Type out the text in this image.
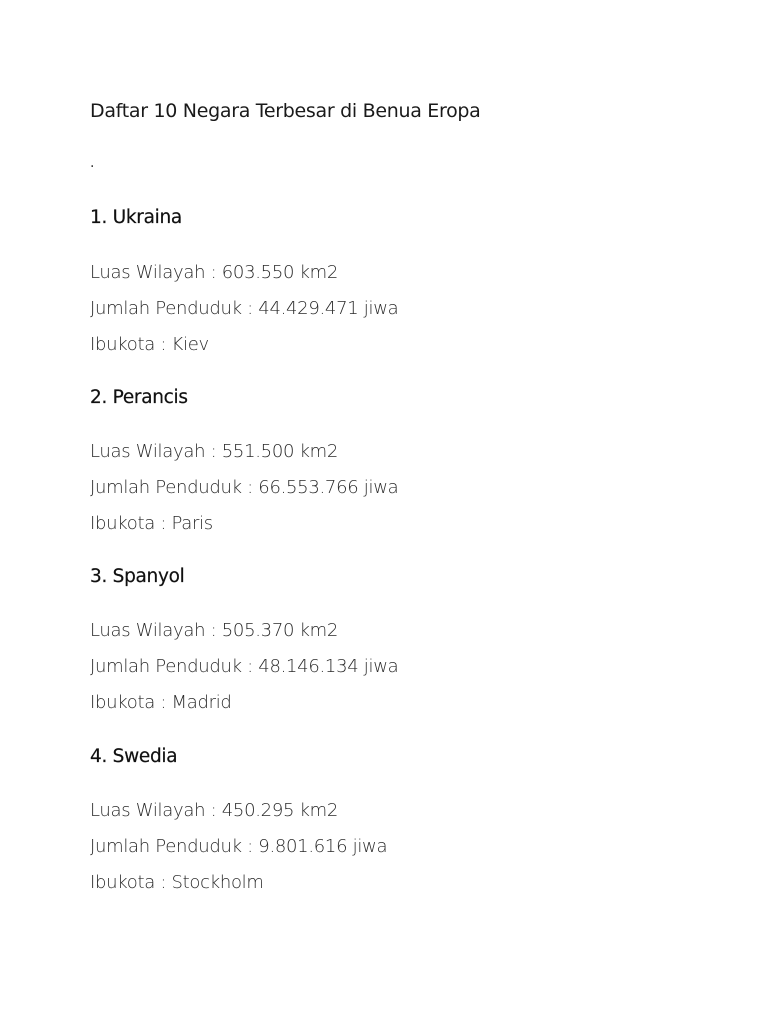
Daftar 10 Negara Terbesar di Benua Eropa
.
1. Ukraina
Luas Wilayah : 603.550 km2
Jumlah Penduduk : 44.429.471 jiwa
Ibukota : Kiev
2. Perancis
Luas Wilayah : 551.500 km2
Jumlah Penduduk : 66.553.766 jiwa
Ibukota : Paris
3. Spanyol
Luas Wilayah : 505.370 km2
Jumlah Penduduk : 48.146.134 jiwa
Ibukota : Madrid
4. Swedia
Luas Wilayah : 450.295 km2
Jumlah Penduduk : 9.801.616 jiwa
Ibukota : Stockholm
